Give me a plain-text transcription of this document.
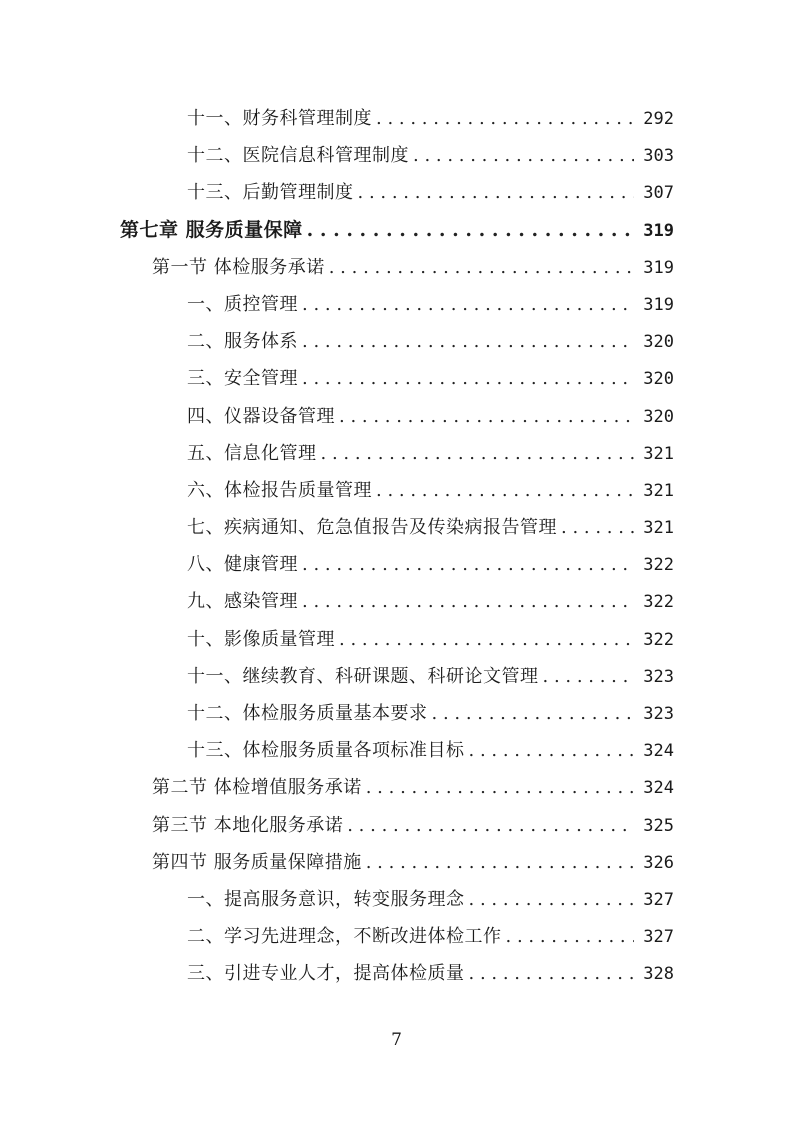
十一、财务科管理制度 . . .	292
十二、医院信息科管理制度 . . .	303
十三、后勤管理制度 . . .	307
第七章 服务质量保障 . . .	319
第一节 体检服务承诺 . . .	319
一、质控管理 . . .	319
二、服务体系 . . .	320
三、安全管理 . . .	320
四、仪器设备管理 . . .	320
五、信息化管理 . . .	321
六、体检报告质量管理 . . .	321
七、疾病通知、危急值报告及传染病报告管理 . . .	321
八、健康管理 . . .	322
九、感染管理 . . .	322
十、影像质量管理 . . .	322
十一、继续教育、科研课题、科研论文管理 . . .	323
十二、体检服务质量基本要求 . . .	323
十三、体检服务质量各项标准目标 . . .	324
第二节 体检增值服务承诺 . . .	324
第三节 本地化服务承诺 . . .	325
第四节 服务质量保障措施 . . .	326
一、提高服务意识，转变服务理念 . . .	327
二、学习先进理念，不断改进体检工作 . . .	327
三、引进专业人才，提高体检质量 . . .	328
7
